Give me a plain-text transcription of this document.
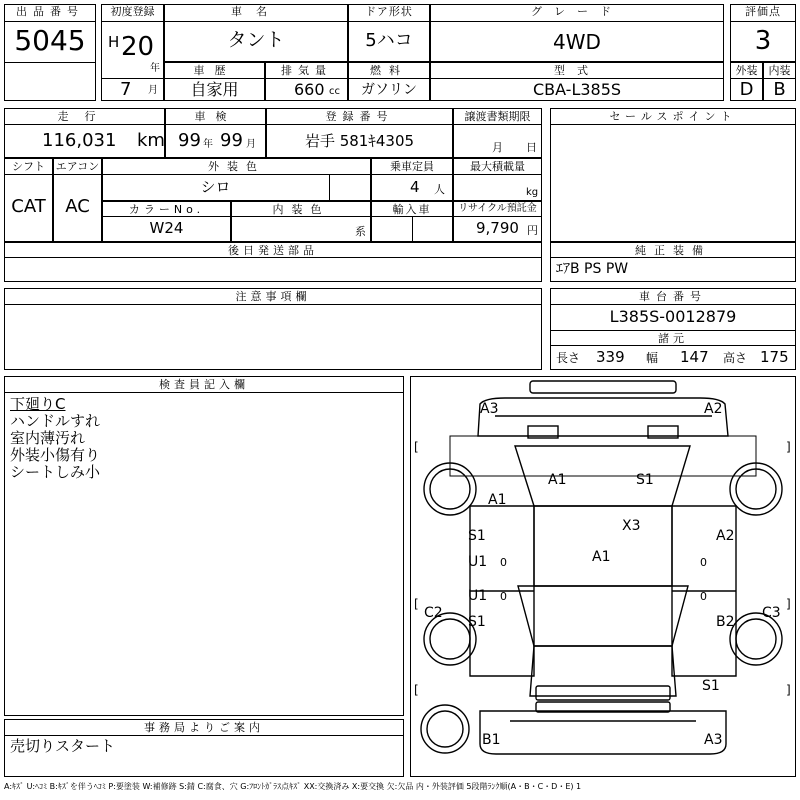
出品番号
5045
初度登録
H 20
年
7 月
車名
タント
ドア形状
5ハコ
グレード
4WD
評価点
3
車歴
自家用
排気量
660 cc
燃料
ガソリン
型式
CBA-L385S
外装
D
内装
B
走行
116,031 km
車検
99 年 99 月
登録番号
岩手 581ｷ4305
譲渡書類期限
月 日
セールスポイント
シフト
CAT
エアコン
AC
外装色
シロ
乗車定員
4 人
最大積載量
kg
カラーNo.
W24
内装色
系
輸入車	リサイクル預託金
9,790 円
後日発送部品	純正装備
ｴｱB PS PW
注意事項欄	車台番号
L385S-0012879
諸元
長さ 339 幅 147 高さ 175
検査員記入欄
下廻りC
ハンドルすれ
室内薄汚れ
外装小傷有り
シートしみ小
事務局よりご案内
売切りスタート
A3	A2
A1
A1	S1
X3
S1
U1	A1
A2
U1
S1	B2
C2	C3
S1
B1	A3
0
0
0
0
[	]
[	]
[	]
A:ｷｽﾞ U:ﾍｺﾐ B:ｷｽﾞを伴うﾍｺﾐ P:要塗装 W:補修跡 S:錆 C:腐食、穴 G:ﾌﾛﾝﾄｶﾞﾗｽ点ｷｽﾞ XX:交換済み X:要交換 欠:欠品 内・外装評価 5段階ﾗﾝｸ順(A・B・C・D・E) 1
